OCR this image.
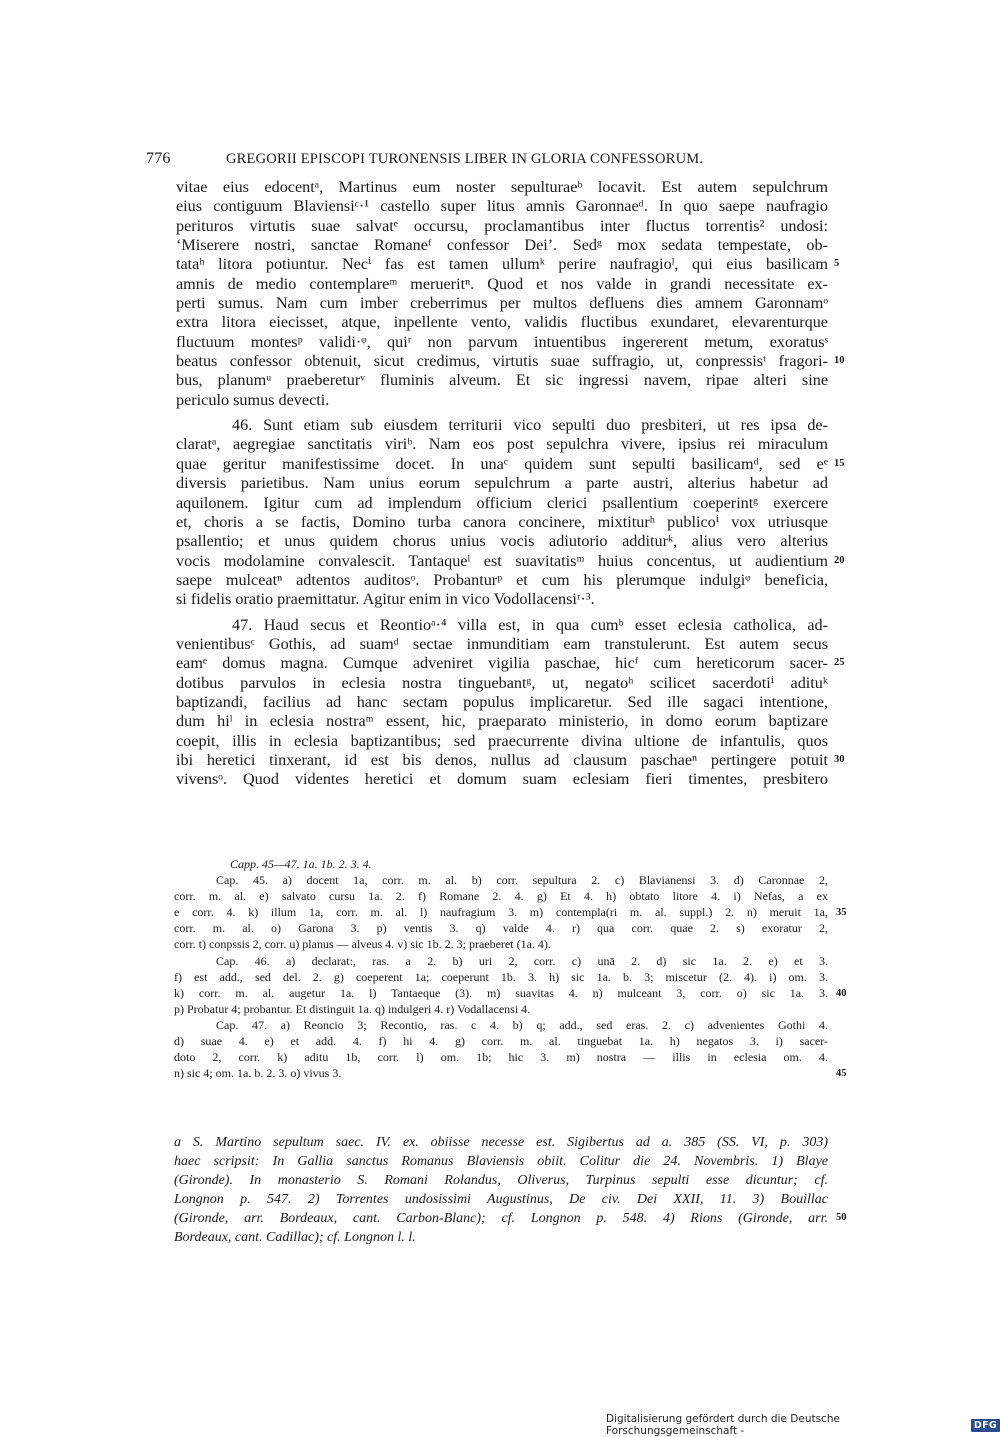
776	GREGORII EPISCOPI TURONENSIS LIBER IN GLORIA CONFESSORUM.
vitae eius edocentᵃ, Martinus eum noster sepulturaeᵇ locavit. Est autem sepulchrum
eius contiguum Blaviensiᶜ·¹ castello super litus amnis Garonnaeᵈ. In quo saepe naufragio
perituros virtutis suae salvatᵉ occursu, proclamantibus inter fluctus torrentis² undosi:
‘Miserere nostri, sanctae Romaneᶠ confessor Dei’. Sedᵍ mox sedata tempestate, ob-
tataʰ litora potiuntur. Necⁱ fas est tamen ullumᵏ perire naufragioˡ, qui eius basilicam
amnis de medio contemplareᵐ merueritⁿ. Quod et nos valde in grandi necessitate ex-
perti sumus. Nam cum imber creberrimus per multos defluens dies amnem Garonnamᵒ
extra litora eiecisset, atque, inpellente vento, validis fluctibus exundaret, elevarenturque
fluctuum montesᵖ validi·ᵠ, quiʳ non parvum intuentibus ingererent metum, exoratusˢ
beatus confessor obtenuit, sicut credimus, virtutis suae suffragio, ut, conpressisᵗ fragori-
bus, planumᵘ praebereturᵛ fluminis alveum. Et sic ingressi navem, ripae alteri sine
periculo sumus devecti.
46. Sunt etiam sub eiusdem territurii vico sepulti duo presbiteri, ut res ipsa de-
claratᵃ, aegregiae sanctitatis viriᵇ. Nam eos post sepulchra vivere, ipsius rei miraculum
quae geritur manifestissime docet. In unaᶜ quidem sunt sepulti basilicamᵈ, sed eᵉ
diversis parietibus. Nam unius eorum sepulchrum a parte austri, alterius habetur ad
aquilonem. Igitur cum ad implendum officium clerici psallentium coeperintᵍ exercere
et, choris a se factis, Domino turba canora concinere, mixtiturʰ publicoⁱ vox utriusque
psallentio; et unus quidem chorus unius vocis adiutorio additurᵏ, alius vero alterius
vocis modolamine convalescit. Tantaqueˡ est suavitatisᵐ huius concentus, ut audientium
saepe mulceatⁿ adtentos auditosᵒ. Probanturᵖ et cum his plerumque indulgiᵠ beneficia,
si fidelis oratio praemittatur. Agitur enim in vico Vodollacensiʳ·³.
47. Haud secus et Reontioᵃ·⁴ villa est, in qua cumᵇ esset eclesia catholica, ad-
venientibusᶜ Gothis, ad suamᵈ sectae inmunditiam eam transtulerunt. Est autem secus
eamᵉ domus magna. Cumque adveniret vigilia paschae, hicᶠ cum hereticorum sacer-
dotibus parvulos in eclesia nostra tinguebantᵍ, ut, negatoʰ scilicet sacerdotiⁱ adituᵏ
baptizandi, facilius ad hanc sectam populus implicaretur. Sed ille sagaci intentione,
dum hiˡ in eclesia nostraᵐ essent, hic, praeparato ministerio, in domo eorum baptizare
coepit, illis in eclesia baptizantibus; sed praecurrente divina ultione de infantulis, quos
ibi heretici tinxerant, id est bis denos, nullus ad clausum paschaeⁿ pertingere potuit
vivensᵒ. Quod videntes heretici et domum suam eclesiam fieri timentes, presbitero
5
10
15
20
25
30
Capp. 45—47. 1a. 1b. 2. 3. 4.
Cap. 45. a) docent 1a, corr. m. al. b) corr. sepultura 2. c) Blavianensi 3. d) Caronnae 2,
corr. m. al. e) salvato cursu 1a. 2. f) Romane 2. 4. g) Et 4. h) obtato litore 4. i) Nefas, a ex
e corr. 4. k) illum 1a, corr. m. al. l) naufragium 3. m) contempla(ri m. al. suppl.) 2. n) meruit 1a,
corr. m. al. o) Garona 3. p) ventis 3. q) valde 4. r) qua corr. quae 2. s) exoratur 2,
corr. t) conpssis 2, corr. u) planus — alveus 4. v) sic 1b. 2. 3; praeberet (1a. 4).
Cap. 46. a) declarat:, ras. a 2. b) uri 2, corr. c) unā 2. d) sic 1a. 2. e) et 3.
f) est add., sed del. 2. g) coeperent 1a; coeperunt 1b. 3. h) sic 1a. b. 3; miscetur (2. 4). i) om. 3.
k) corr. m. al. augetur 1a. l) Tantaeque (3). m) suavitas 4. n) mulceant 3, corr. o) sic 1a. 3.
p) Probatur 4; probantur. Et distinguit 1a. q) indulgeri 4. r) Vodallacensi 4.
Cap. 47. a) Reoncio 3; Recontio, ras. c 4. b) q; add., sed eras. 2. c) advenientes Gothi 4.
d) suae 4. e) et add. 4. f) hi 4. g) corr. m. al. tinguebat 1a. h) negatos 3. i) sacer-
doto 2, corr. k) aditu 1b, corr. l) om. 1b; hic 3. m) nostra — illis in eclesia om. 4.
n) sic 4; om. 1a. b. 2. 3. o) vivus 3.
35
40
45
a S. Martino sepultum saec. IV. ex. obiisse necesse est. Sigibertus ad a. 385 (SS. VI, p. 303)
haec scripsit: In Gallia sanctus Romanus Blaviensis obiit. Colitur die 24. Novembris. 1) Blaye
(Gironde). In monasterio S. Romani Rolandus, Oliverus, Turpinus sepulti esse dicuntur; cf.
Longnon p. 547. 2) Torrentes undosissimi Augustinus, De civ. Dei XXII, 11. 3) Bouillac
(Gironde, arr. Bordeaux, cant. Carbon-Blanc); cf. Longnon p. 548. 4) Rions (Gironde, arr.
Bordeaux, cant. Cadillac); cf. Longnon l. l.
50
Digitalisierung gefördert durch die Deutsche Forschungsgemeinschaft -	DFG
